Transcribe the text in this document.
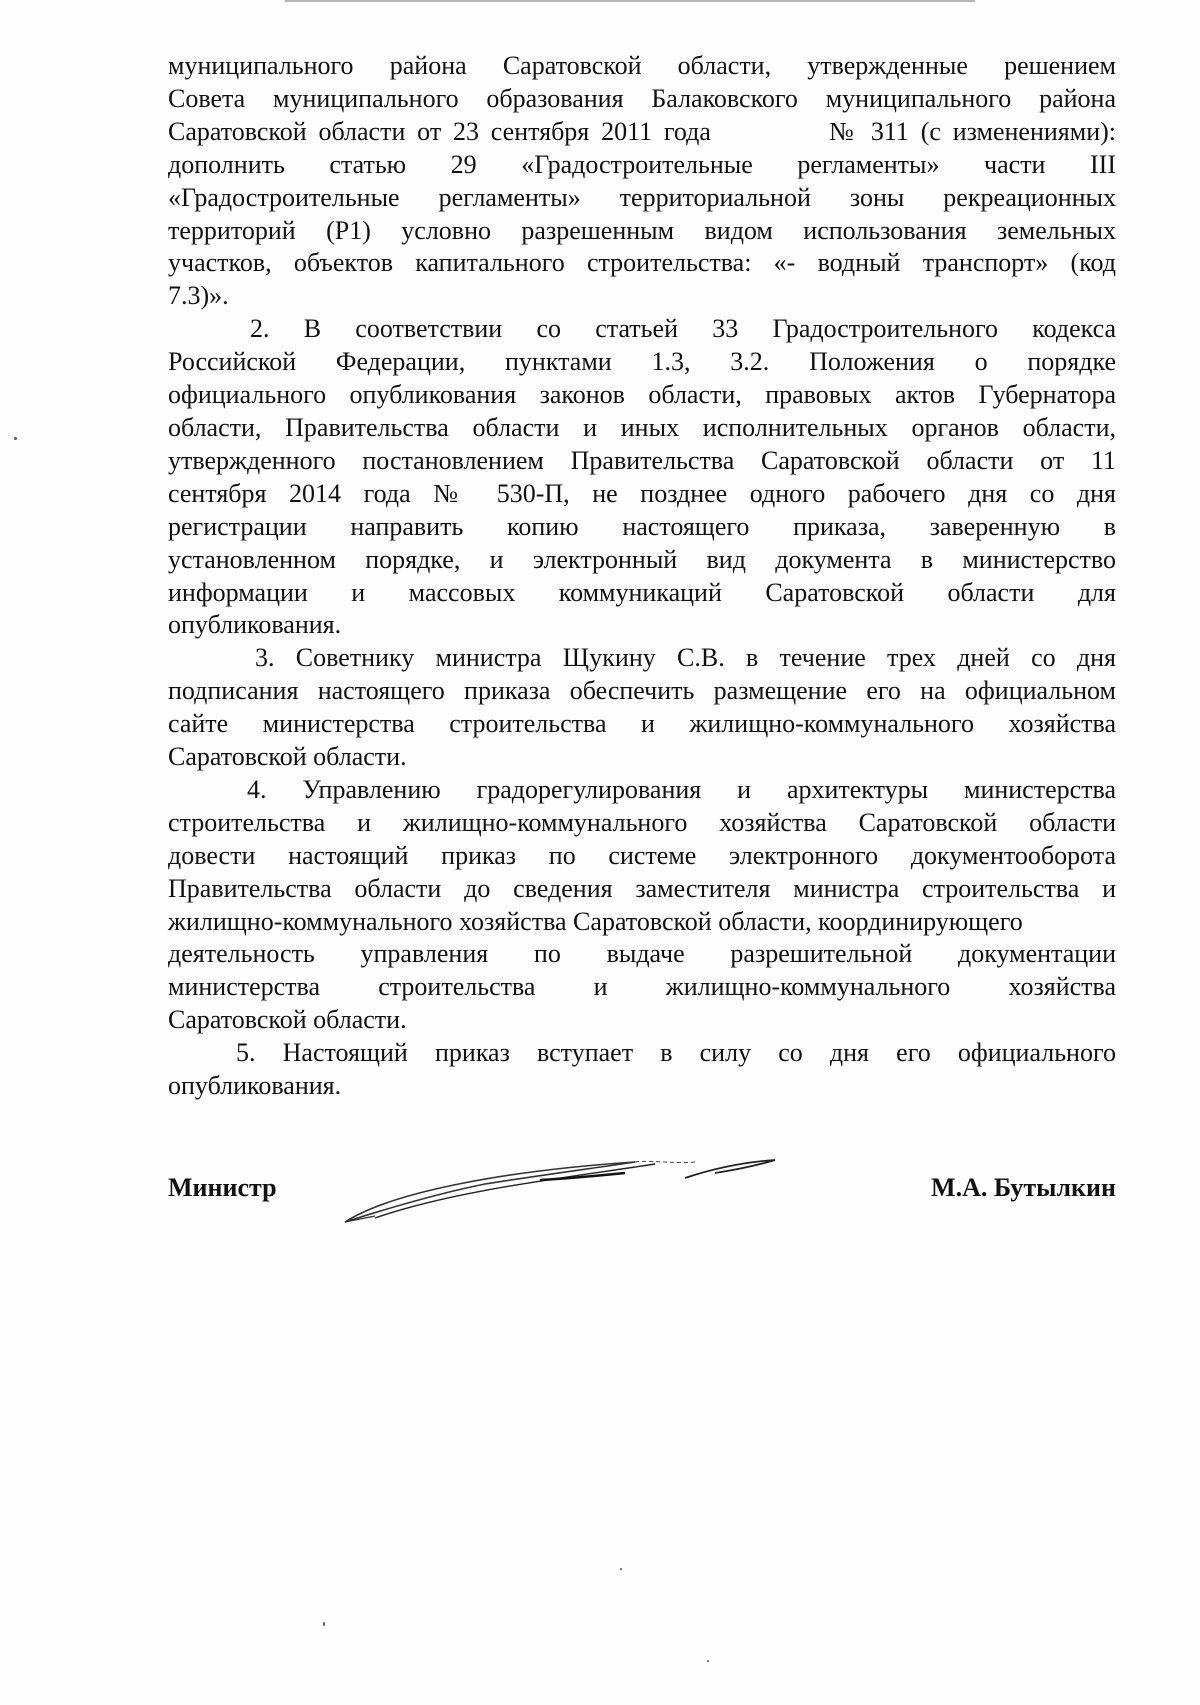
муниципального района Саратовской области, утвержденные решением
Совета муниципального образования Балаковского муниципального района
Саратовской области от 23 сентября 2011 года          № 311 (с изменениями):
дополнить статью 29 «Градостроительные регламенты» части III
«Градостроительные регламенты» территориальной зоны рекреационных
территорий (Р1) условно разрешенным видом использования земельных
участков, объектов капитального строительства: «- водный транспорт» (код
7.3)».
2. В соответствии со статьей 33 Градостроительного кодекса
Российской Федерации, пунктами 1.3, 3.2. Положения о порядке
официального опубликования законов области, правовых актов Губернатора
области, Правительства области и иных исполнительных органов области,
утвержденного постановлением Правительства Саратовской области от 11
сентября 2014 года № 530-П, не позднее одного рабочего дня со дня
регистрации направить копию настоящего приказа, заверенную в
установленном порядке, и электронный вид документа в министерство
информации и массовых коммуникаций Саратовской области для
опубликования.
3. Советнику министра Щукину С.В. в течение трех дней со дня
подписания настоящего приказа обеспечить размещение его на официальном
сайте министерства строительства и жилищно-коммунального хозяйства
Саратовской области.
4. Управлению градорегулирования и архитектуры министерства
строительства и жилищно-коммунального хозяйства Саратовской области
довести настоящий приказ по системе электронного документооборота
Правительства области до сведения заместителя министра строительства и
жилищно-коммунального хозяйства Саратовской области, координирующего
деятельность управления по выдаче разрешительной документации
министерства строительства и жилищно-коммунального хозяйства
Саратовской области.
5. Настоящий приказ вступает в силу со дня его официального
опубликования.
Министр	М.А. Бутылкин
